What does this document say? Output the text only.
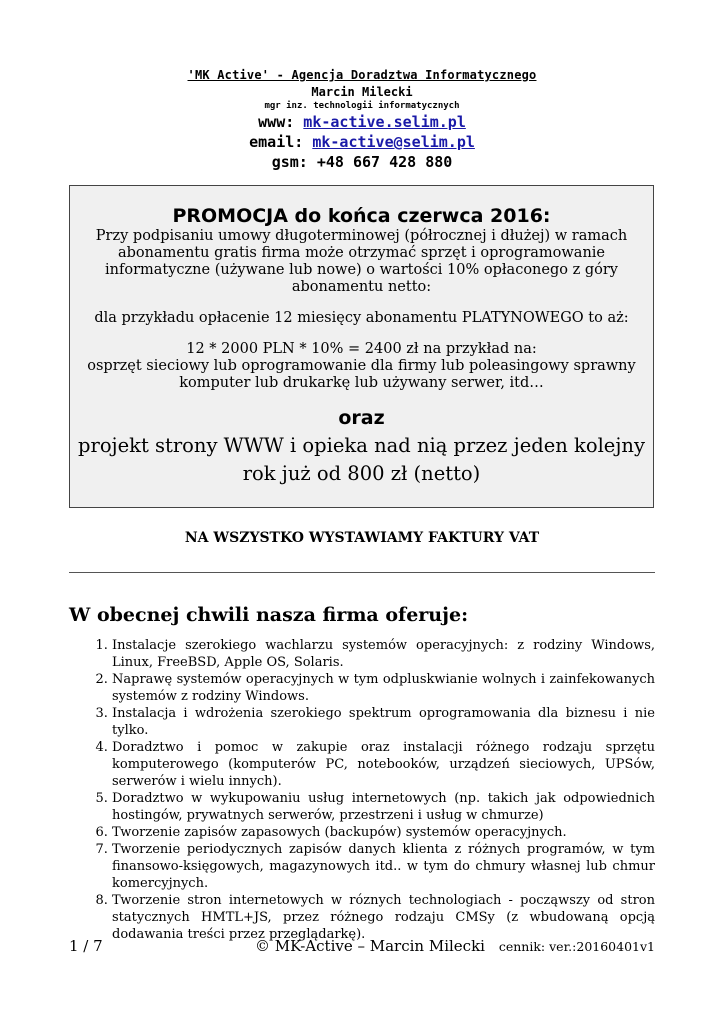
'MK Active' - Agencja Doradztwa Informatycznego
Marcin Milecki
mgr inz. technologii informatycznych
www: mk-active.selim.pl
email: mk-active@selim.pl
gsm: +48 667 428 880
PROMOCJA do końca czerwca 2016:
Przy podpisaniu umowy długoterminowej (półrocznej i dłużej) w ramach abonamentu gratis firma może otrzymać sprzęt i oprogramowanie informatyczne (używane lub nowe) o wartości 10% opłaconego z góry abonamentu netto:
dla przykładu opłacenie 12 miesięcy abonamentu PLATYNOWEGO to aż:
12 * 2000 PLN * 10% = 2400 zł na przykład na:
osprzęt sieciowy lub oprogramowanie dla firmy lub poleasingowy sprawny komputer lub drukarkę lub używany serwer, itd…
oraz
projekt strony WWW i opieka nad nią przez jeden kolejny rok już od 800 zł (netto)
NA WSZYSTKO WYSTAWIAMY FAKTURY VAT
W obecnej chwili nasza firma oferuje:
1. Instalacje szerokiego wachlarzu systemów operacyjnych: z rodziny Windows, Linux, FreeBSD, Apple OS, Solaris.
2. Naprawę systemów operacyjnych w tym odpluskwianie wolnych i zainfekowanych systemów z rodziny Windows.
3. Instalacja i wdrożenia szerokiego spektrum oprogramowania dla biznesu i nie tylko.
4. Doradztwo i pomoc w zakupie oraz instalacji różnego rodzaju sprzętu komputerowego (komputerów PC, notebooków, urządzeń sieciowych, UPSów, serwerów i wielu innych).
5. Doradztwo w wykupowaniu usług internetowych (np. takich jak odpowiednich hostingów, prywatnych serwerów, przestrzeni i usług w chmurze)
6. Tworzenie zapisów zapasowych (backupów) systemów operacyjnych.
7. Tworzenie periodycznych zapisów danych klienta z różnych programów, w tym finansowo-księgowych, magazynowych itd.. w tym do chmury własnej lub chmur komercyjnych.
8. Tworzenie stron internetowych w róznych technologiach - począwszy od stron statycznych HMTL+JS, przez różnego rodzaju CMSy (z wbudowaną opcją dodawania treści przez przeglądarkę).
1 / 7	© MK-Active – Marcin Milecki cennik: ver.:20160401v1
